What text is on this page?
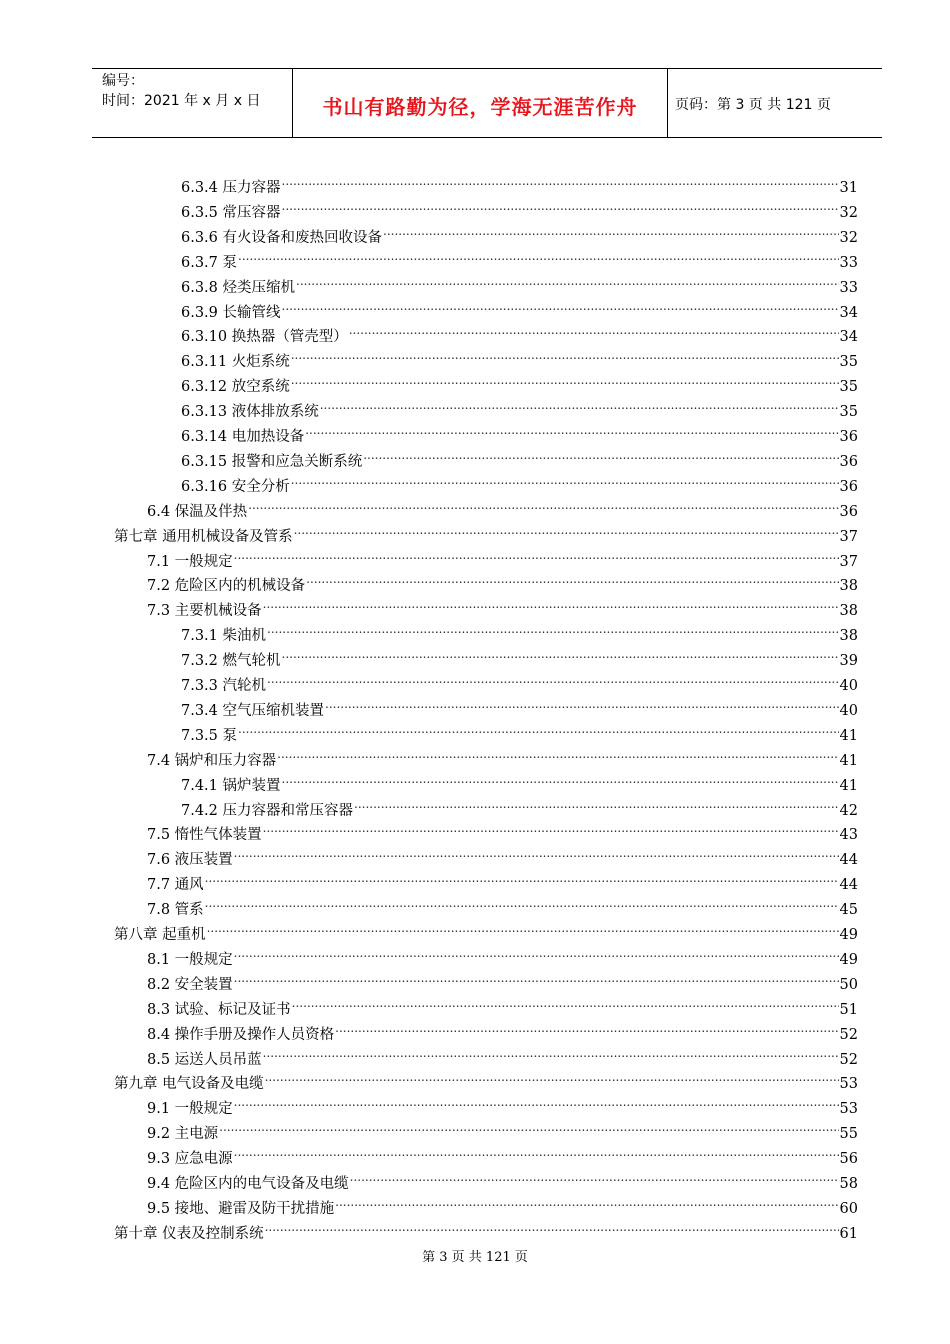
编号：
时间：2021 年 x 月 x 日	书山有路勤为径，学海无涯苦作舟	页码：第 3 页 共 121 页
6.3.4 压力容器 .....	31
6.3.5 常压容器 .....	32
6.3.6 有火设备和废热回收设备 .....	32
6.3.7 泵 .....	33
6.3.8 烃类压缩机 .....	33
6.3.9 长输管线 .....	34
6.3.10 换热器（管壳型） .....	34
6.3.11 火炬系统 .....	35
6.3.12 放空系统 .....	35
6.3.13 液体排放系统 .....	35
6.3.14 电加热设备 .....	36
6.3.15 报警和应急关断系统 .....	36
6.3.16 安全分析 .....	36
6.4 保温及伴热 .....	36
第七章 通用机械设备及管系 .....	37
7.1 一般规定 .....	37
7.2 危险区内的机械设备 .....	38
7.3 主要机械设备 .....	38
7.3.1 柴油机 .....	38
7.3.2 燃气轮机 .....	39
7.3.3 汽轮机 .....	40
7.3.4 空气压缩机装置 .....	40
7.3.5 泵 .....	41
7.4 锅炉和压力容器 .....	41
7.4.1 锅炉装置 .....	41
7.4.2 压力容器和常压容器 .....	42
7.5 惰性气体装置 .....	43
7.6 液压装置 .....	44
7.7 通风 .....	44
7.8 管系 .....	45
第八章 起重机 .....	49
8.1 一般规定 .....	49
8.2 安全装置 .....	50
8.3 试验、标记及证书 .....	51
8.4 操作手册及操作人员资格 .....	52
8.5 运送人员吊蓝 .....	52
第九章 电气设备及电缆 .....	53
9.1 一般规定 .....	53
9.2 主电源 .....	55
9.3 应急电源 .....	56
9.4 危险区内的电气设备及电缆 .....	58
9.5 接地、避雷及防干扰措施 .....	60
第十章 仪表及控制系统 .....	61
第 3 页 共 121 页
